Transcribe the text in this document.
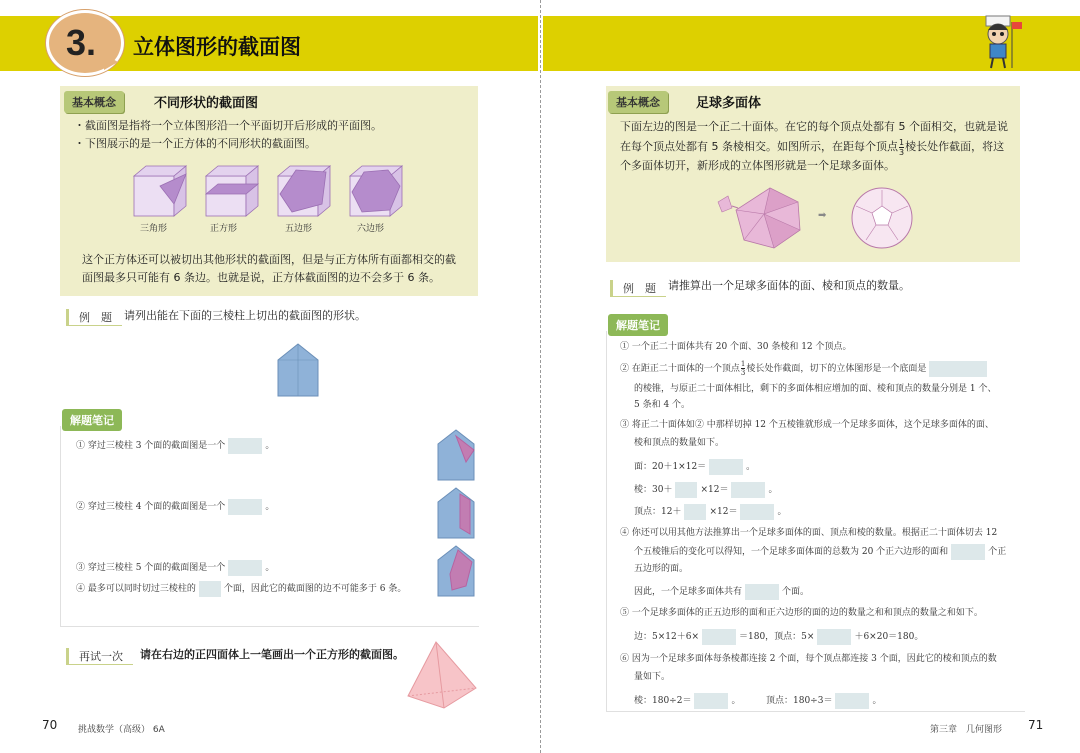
3. 立体图形的截面图
基本概念	不同形状的截面图
・截面图是指将一个立体图形沿一个平面切开后形成的平面图。
・下图展示的是一个正方体的不同形状的截面图。
三角形	正方形	五边形	六边形
这个正方体还可以被切出其他形状的截面图，但是与正方体所有面都相交的截
面图最多只可能有 6 条边。也就是说，正方体截面图的边不会多于 6 条。
例　题	请列出能在下面的三棱柱上切出的截面图的形状。
解题笔记
① 穿过三棱柱 3 个面的截面图是一个	。
② 穿过三棱柱 4 个面的截面图是一个	。
③ 穿过三棱柱 5 个面的截面图是一个	。
④ 最多可以同时切过三棱柱的	个面，因此它的截面图的边不可能多于 6 条。
再试一次	请在右边的正四面体上一笔画出一个正方形的截面图。
70 挑战数学（高级） 6A
基本概念	足球多面体
下面左边的图是一个正二十面体。在它的每个顶点处都有 5 个面相交，也就是说
在每个顶点处都有 5 条棱相交。如图所示，在距每个顶点 $\frac{1}{3}$ 棱长处作截面，将这
个多面体切开，新形成的立体图形就是一个足球多面体。
➡
例　题	请推算出一个足球多面体的面、棱和顶点的数量。
解题笔记
① 一个正二十面体共有 20 个面、30 条棱和 12 个顶点。
② 在距正二十面体的一个顶点 $\frac{1}{3}$ 棱长处作截面，切下的立体图形是一个底面是
的棱锥，与原正二十面体相比，剩下的多面体相应增加的面、棱和顶点的数量分别是 1 个、
5 条和 4 个。
③ 将正二十面体如② 中那样切掉 12 个五棱锥就形成一个足球多面体，这个足球多面体的面、
棱和顶点的数量如下。
面：20＋1×12＝	。
棱：30＋	×12＝	。
顶点：12＋	×12＝	。
④ 你还可以用其他方法推算出一个足球多面体的面、顶点和棱的数量。根据正二十面体切去 12
个五棱锥后的变化可以得知，一个足球多面体面的总数为 20 个正六边形的面和	个正
五边形的面。
因此，一个足球多面体共有	个面。
⑤ 一个足球多面体的正五边形的面和正六边形的面的边的数量之和和顶点的数量之和如下。
边：5×12＋6×	＝180，顶点：5×	＋6×20＝180。
⑥ 因为一个足球多面体每条棱都连接 2 个面，每个顶点都连接 3 个面，因此它的棱和顶点的数
量如下。
棱：180÷2＝	。	顶点：180÷3＝	。
第三章　几何图形 71
